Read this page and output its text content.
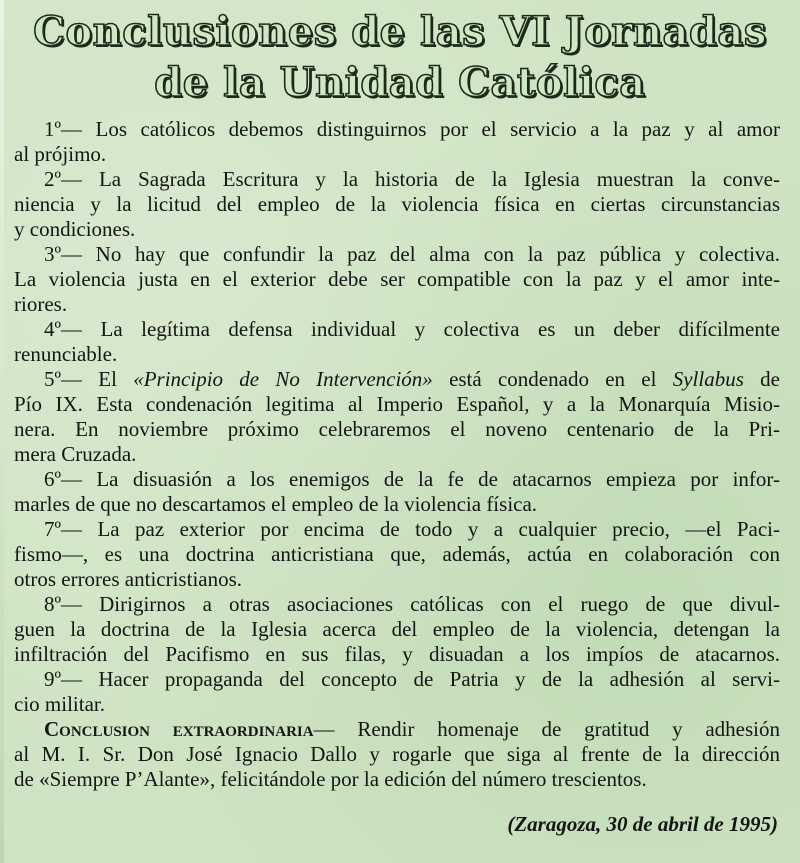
Conclusiones de las VI Jornadas
de la Unidad Católica

1º— Los católicos debemos distinguirnos por el servicio a la paz y al amor
al prójimo.

2º— La Sagrada Escritura y la historia de la Iglesia muestran la conve-
niencia y la licitud del empleo de la violencia física en ciertas circunstancias
y condiciones.

3º— No hay que confundir la paz del alma con la paz pública y colectiva.
La violencia justa en el exterior debe ser compatible con la paz y el amor inte-
riores.

4º— La legítima defensa individual y colectiva es un deber difícilmente
renunciable.

5º— El «Principio de No Intervención» está condenado en el Syllabus de
Pío IX. Esta condenación legitima al Imperio Español, y a la Monarquía Misio-
nera. En noviembre próximo celebraremos el noveno centenario de la Pri-
mera Cruzada.

6º— La disuasión a los enemigos de la fe de atacarnos empieza por infor-
marles de que no descartamos el empleo de la violencia física.

7º— La paz exterior por encima de todo y a cualquier precio, —el Paci-
fismo—, es una doctrina anticristiana que, además, actúa en colaboración con
otros errores anticristianos.

8º— Dirigirnos a otras asociaciones católicas con el ruego de que divul-
guen la doctrina de la Iglesia acerca del empleo de la violencia, detengan la
infiltración del Pacifismo en sus filas, y disuadan a los impíos de atacarnos.

9º— Hacer propaganda del concepto de Patria y de la adhesión al servi-
cio militar.

Conclusion extraordinaria— Rendir homenaje de gratitud y adhesión
al M. I. Sr. Don José Ignacio Dallo y rogarle que siga al frente de la dirección
de «Siempre P’Alante», felicitándole por la edición del número trescientos.

(Zaragoza, 30 de abril de 1995)
